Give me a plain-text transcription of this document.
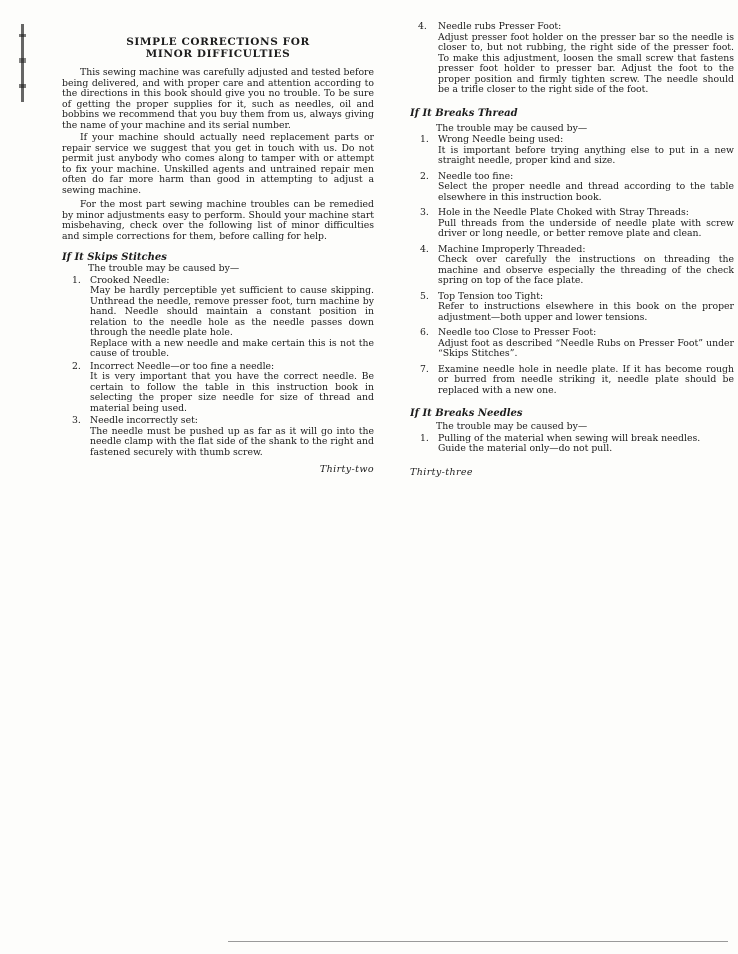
SIMPLE CORRECTIONS FOR
MINOR DIFFICULTIES

This sewing machine was carefully adjusted and tested before being delivered, and with proper care and attention according to the directions in this book should give you no trouble. To be sure of getting the proper supplies for it, such as needles, oil and bobbins we recommend that you buy them from us, always giving the name of your machine and its serial number.

If your machine should actually need replacement parts or repair service we suggest that you get in touch with us. Do not permit just anybody who comes along to tamper with or attempt to fix your machine. Unskilled agents and untrained repair men often do far more harm than good in attempting to adjust a sewing machine.

For the most part sewing machine troubles can be remedied by minor adjustments easy to perform. Should your machine start misbehaving, check over the following list of minor difficulties and simple corrections for them, before calling for help.

If It Skips Stitches
The trouble may be caused by—
1. Crooked Needle:
May be hardly perceptible yet sufficient to cause skipping. Unthread the needle, remove presser foot, turn machine by hand. Needle should maintain a constant position in relation to the needle hole as the needle passes down through the needle plate hole.
Replace with a new needle and make certain this is not the cause of trouble.
2. Incorrect Needle—or too fine a needle:
It is very important that you have the correct needle. Be certain to follow the table in this instruction book in selecting the proper size needle for size of thread and material being used.
3. Needle incorrectly set:
The needle must be pushed up as far as it will go into the needle clamp with the flat side of the shank to the right and fastened securely with thumb screw.
Thirty-two
4. Needle rubs Presser Foot:
Adjust presser foot holder on the presser bar so the needle is closer to, but not rubbing, the right side of the presser foot. To make this adjustment, loosen the small screw that fastens presser foot holder to presser bar. Adjust the foot to the proper position and firmly tighten screw. The needle should be a trifle closer to the right side of the foot.
If It Breaks Thread
The trouble may be caused by—
1. Wrong Needle being used:
It is important before trying anything else to put in a new straight needle, proper kind and size.
2. Needle too fine:
Select the proper needle and thread according to the table elsewhere in this instruction book.
3. Hole in the Needle Plate Choked with Stray Threads:
Pull threads from the underside of needle plate with screw driver or long needle, or better remove plate and clean.
4. Machine Improperly Threaded:
Check over carefully the instructions on threading the machine and observe especially the threading of the check spring on top of the face plate.
5. Top Tension too Tight:
Refer to instructions elsewhere in this book on the proper adjustment—both upper and lower tensions.
6. Needle too Close to Presser Foot:
Adjust foot as described “Needle Rubs on Presser Foot” under “Skips Stitches”.
7. Examine needle hole in needle plate. If it has become rough or burred from needle striking it, needle plate should be replaced with a new one.
If It Breaks Needles
The trouble may be caused by—
1. Pulling of the material when sewing will break needles.
Guide the material only—do not pull.
Thirty-three
